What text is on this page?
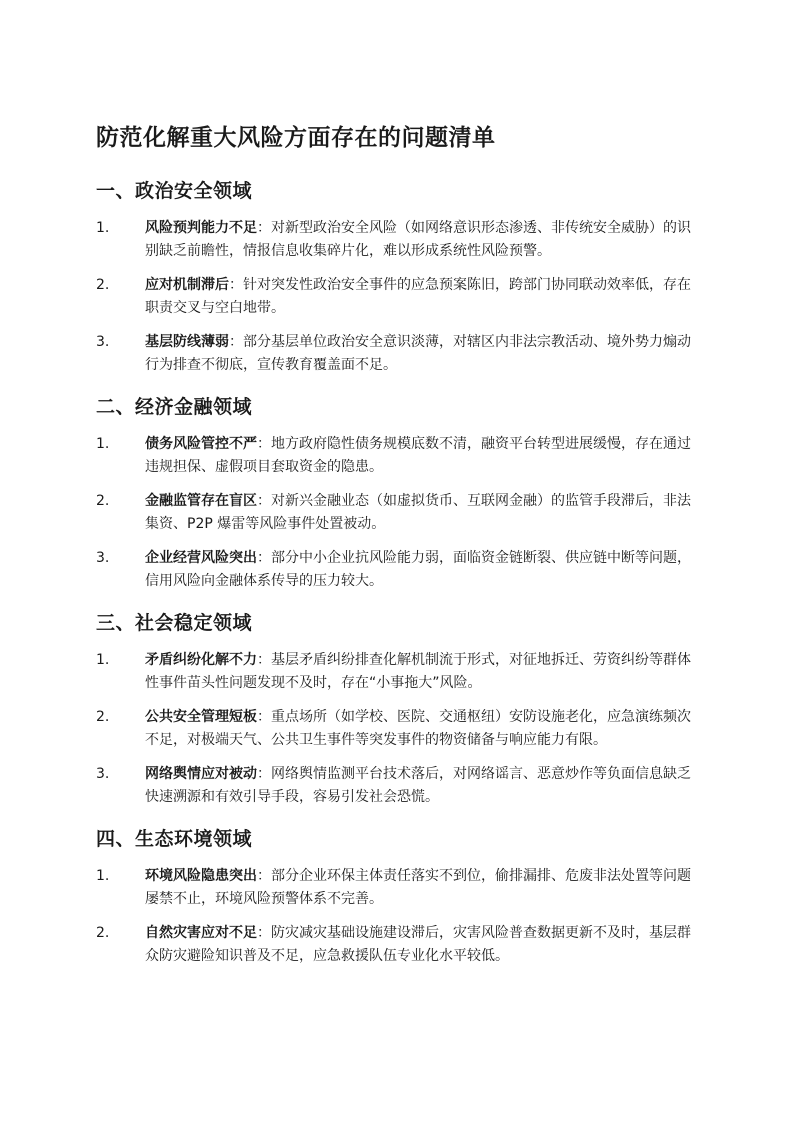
防范化解重大风险方面存在的问题清单
一、政治安全领域
1.	风险预判能力不足：对新型政治安全风险（如网络意识形态渗透、非传统安全威胁）的识别缺乏前瞻性，情报信息收集碎片化，难以形成系统性风险预警。
2.	应对机制滞后：针对突发性政治安全事件的应急预案陈旧，跨部门协同联动效率低，存在职责交叉与空白地带。
3.	基层防线薄弱：部分基层单位政治安全意识淡薄，对辖区内非法宗教活动、境外势力煽动行为排查不彻底，宣传教育覆盖面不足。
二、经济金融领域
1.	债务风险管控不严：地方政府隐性债务规模底数不清，融资平台转型进展缓慢，存在通过违规担保、虚假项目套取资金的隐患。
2.	金融监管存在盲区：对新兴金融业态（如虚拟货币、互联网金融）的监管手段滞后，非法集资、P2P 爆雷等风险事件处置被动。
3.	企业经营风险突出：部分中小企业抗风险能力弱，面临资金链断裂、供应链中断等问题，信用风险向金融体系传导的压力较大。
三、社会稳定领域
1.	矛盾纠纷化解不力：基层矛盾纠纷排查化解机制流于形式，对征地拆迁、劳资纠纷等群体性事件苗头性问题发现不及时，存在“小事拖大”风险。
2.	公共安全管理短板：重点场所（如学校、医院、交通枢纽）安防设施老化，应急演练频次不足，对极端天气、公共卫生事件等突发事件的物资储备与响应能力有限。
3.	网络舆情应对被动：网络舆情监测平台技术落后，对网络谣言、恶意炒作等负面信息缺乏快速溯源和有效引导手段，容易引发社会恐慌。
四、生态环境领域
1.	环境风险隐患突出：部分企业环保主体责任落实不到位，偷排漏排、危废非法处置等问题屡禁不止，环境风险预警体系不完善。
2.	自然灾害应对不足：防灾减灾基础设施建设滞后，灾害风险普查数据更新不及时，基层群众防灾避险知识普及不足，应急救援队伍专业化水平较低。
